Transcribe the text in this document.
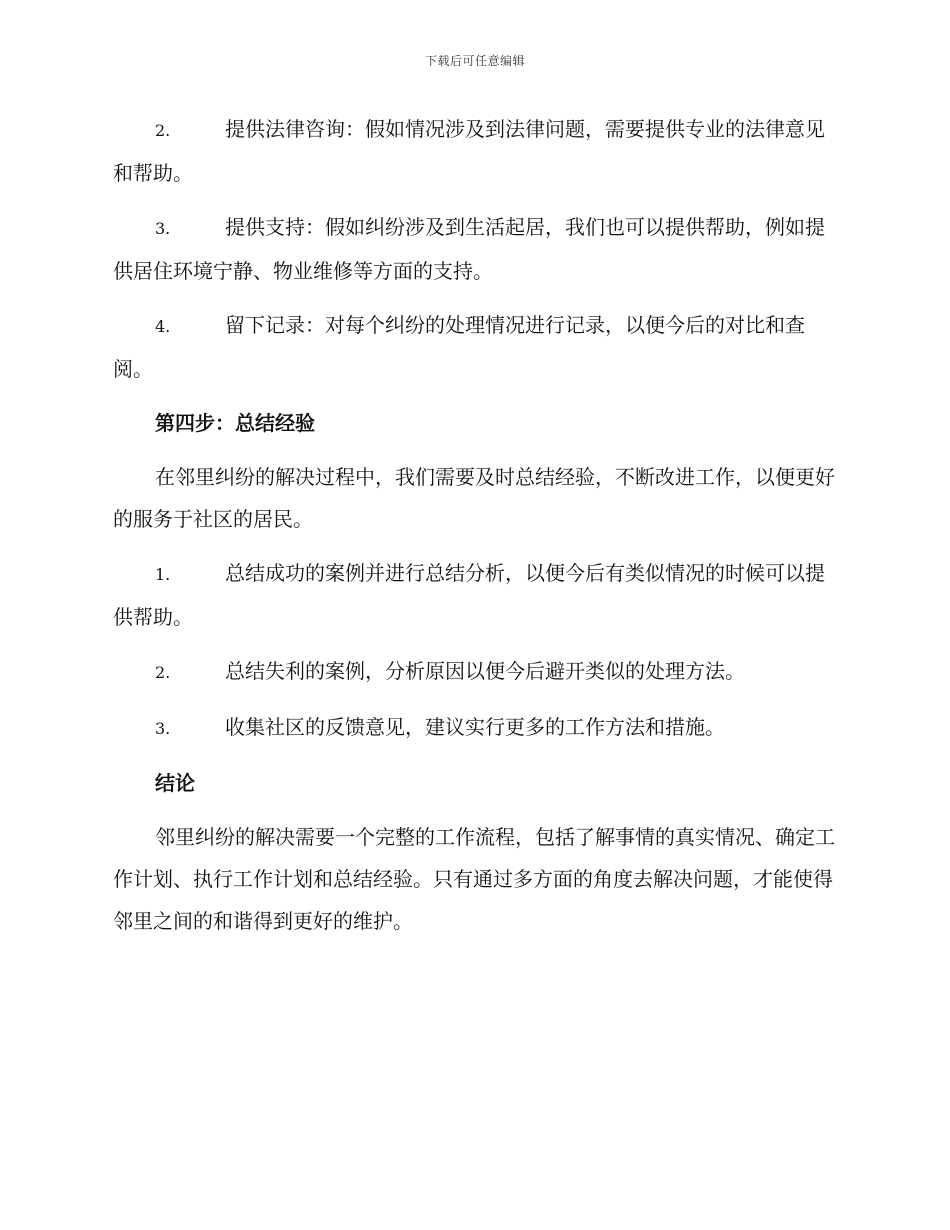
下载后可任意编辑

2.	提供法律咨询：假如情况涉及到法律问题，需要提供专业的法律意见和帮助。

3.	提供支持：假如纠纷涉及到生活起居，我们也可以提供帮助，例如提供居住环境宁静、物业维修等方面的支持。

4.	留下记录：对每个纠纷的处理情况进行记录，以便今后的对比和查阅。

第四步：总结经验

在邻里纠纷的解决过程中，我们需要及时总结经验，不断改进工作，以便更好的服务于社区的居民。

1.	总结成功的案例并进行总结分析，以便今后有类似情况的时候可以提供帮助。

2.	总结失利的案例，分析原因以便今后避开类似的处理方法。

3.	收集社区的反馈意见，建议实行更多的工作方法和措施。

结论

邻里纠纷的解决需要一个完整的工作流程，包括了解事情的真实情况、确定工作计划、执行工作计划和总结经验。只有通过多方面的角度去解决问题，才能使得邻里之间的和谐得到更好的维护。
